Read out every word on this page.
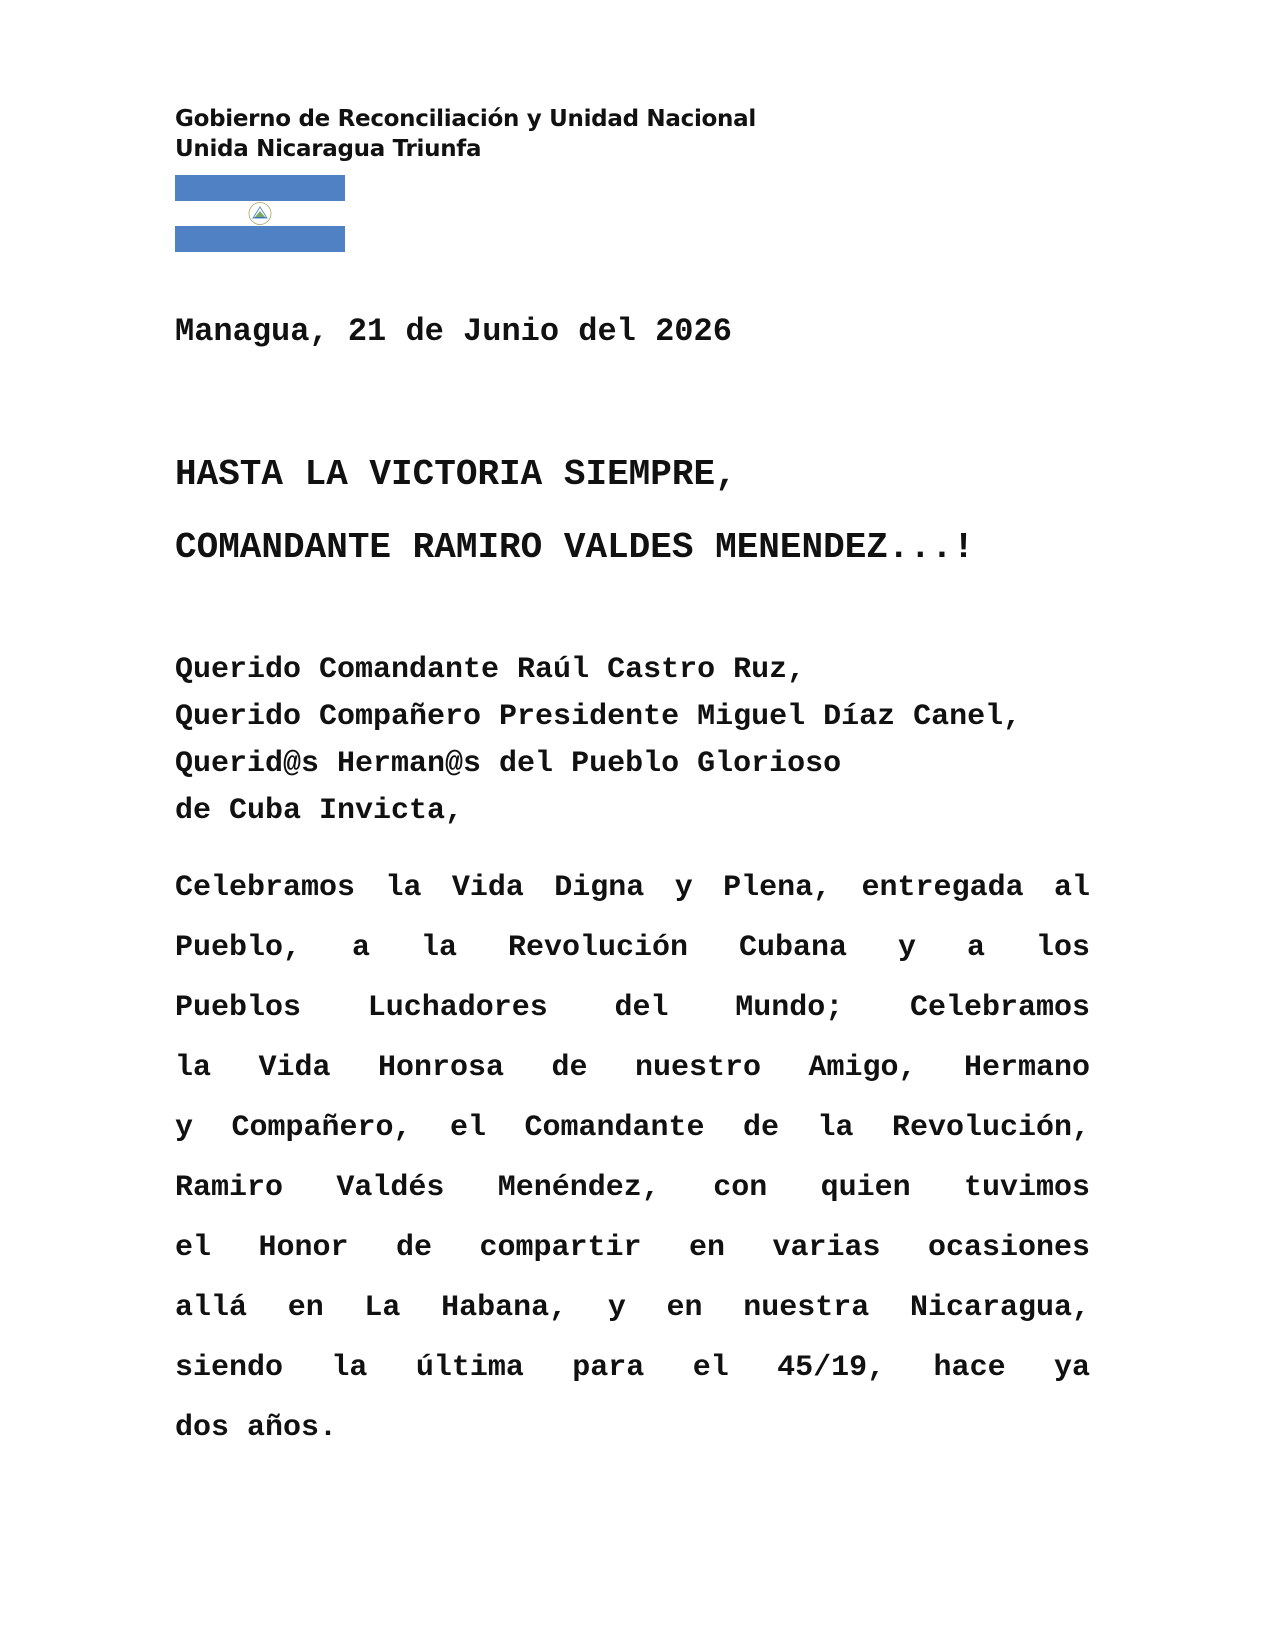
Gobierno de Reconciliación y Unidad Nacional
Unida Nicaragua Triunfa
Managua, 21 de Junio del 2026
HASTA LA VICTORIA SIEMPRE,
COMANDANTE RAMIRO VALDES MENENDEZ...!
Querido Comandante Raúl Castro Ruz,
Querido Compañero Presidente Miguel Díaz Canel,
Querid@s Herman@s del Pueblo Glorioso
de Cuba Invicta,
Celebramos la Vida Digna y Plena, entregada al
Pueblo, a la Revolución Cubana y a los
Pueblos Luchadores del Mundo; Celebramos
la Vida Honrosa de nuestro Amigo, Hermano
y Compañero, el Comandante de la Revolución,
Ramiro Valdés Menéndez, con quien tuvimos
el Honor de compartir en varias ocasiones
allá en La Habana, y en nuestra Nicaragua,
siendo la última para el 45/19, hace ya
dos años.
